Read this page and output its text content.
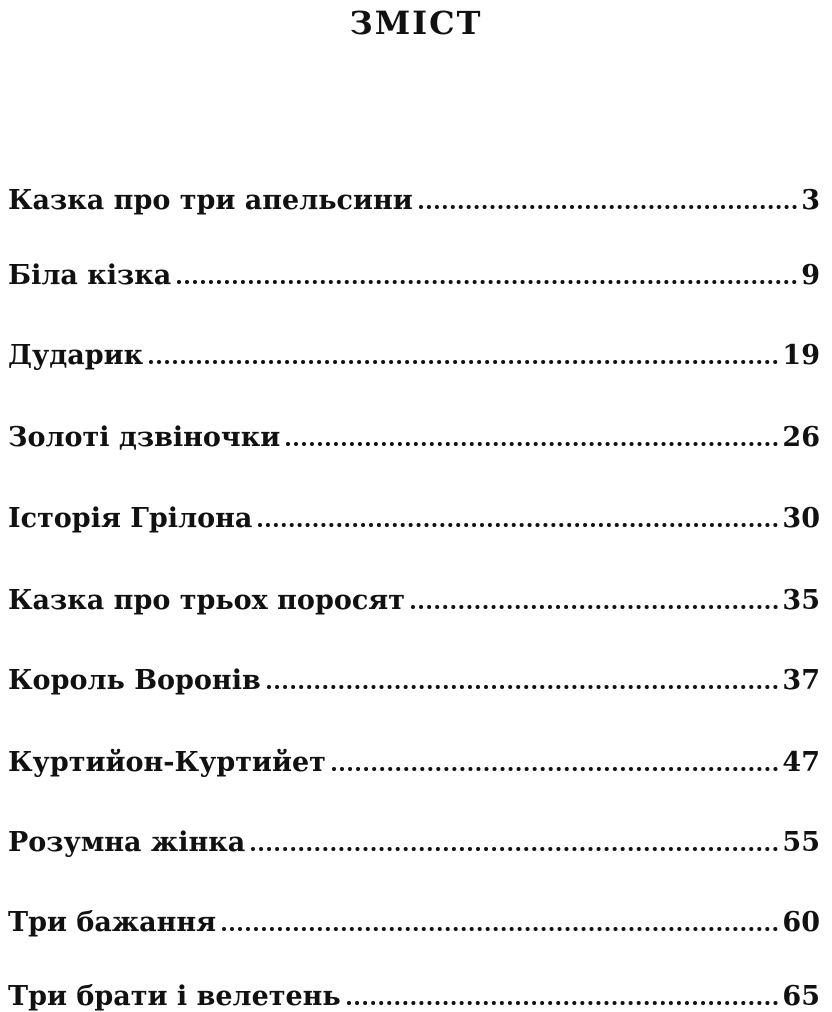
ЗМІСТ
Казка про три апельсини	3
Біла кізка	9
Дударик	19
Золоті дзвіночки	26
Історія Грілона	30
Казка про трьох поросят	35
Король Воронів	37
Куртийон-Куртийет	47
Розумна жінка	55
Три бажання	60
Три брати і велетень	65
